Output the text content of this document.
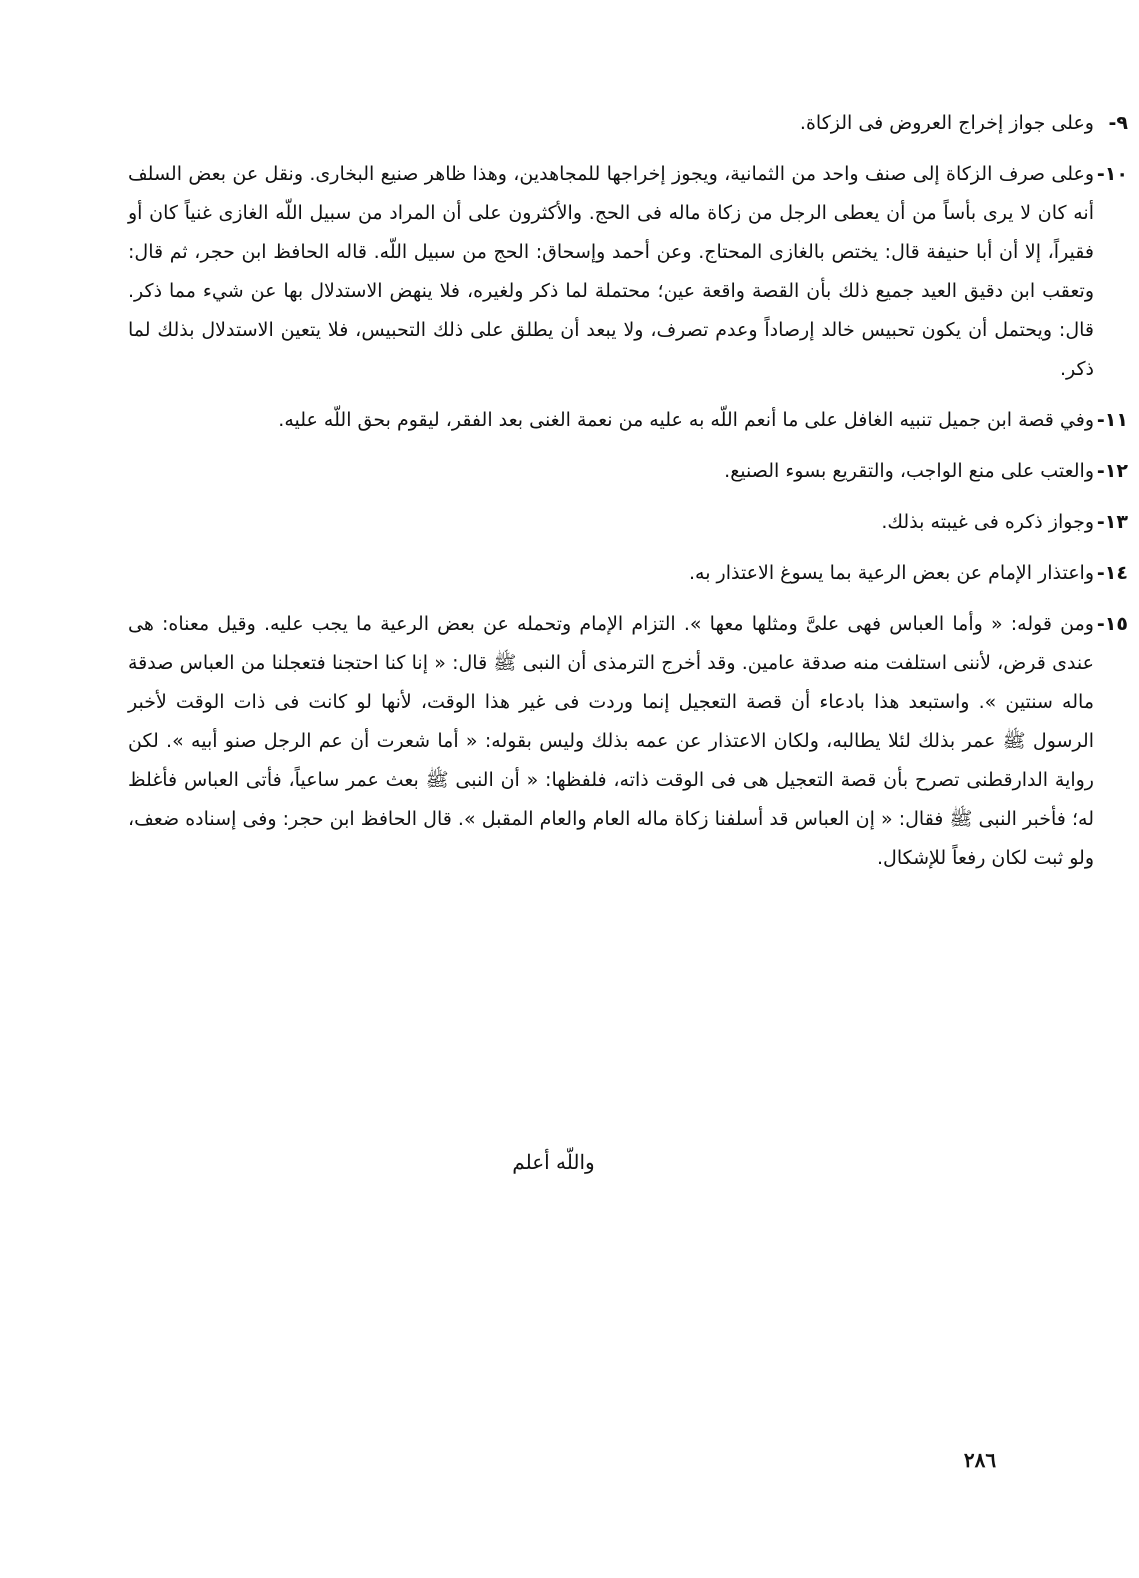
٩-
وعلى جواز إخراج العروض فى الزكاة.
١٠-
وعلى صرف الزكاة إلى صنف واحد من الثمانية، ويجوز إخراجها للمجاهدين، وهذا ظاهر صنيع البخارى. ونقل عن بعض السلف أنه كان لا يرى بأساً من أن يعطى الرجل من زكاة ماله فى الحج. والأكثرون على أن المراد من سبيل اللّه الغازى غنياً كان أو فقيراً، إلا أن أبا حنيفة قال: يختص بالغازى المحتاج. وعن أحمد وإسحاق: الحج من سبيل اللّه. قاله الحافظ ابن حجر، ثم قال: وتعقب ابن دقيق العيد جميع ذلك بأن القصة واقعة عين؛ محتملة لما ذكر ولغيره، فلا ينهض الاستدلال بها عن شيء مما ذكر. قال: ويحتمل أن يكون تحبيس خالد إرصاداً وعدم تصرف، ولا يبعد أن يطلق على ذلك التحبيس، فلا يتعين الاستدلال بذلك لما ذكر.
١١-
وفي قصة ابن جميل تنبيه الغافل على ما أنعم اللّه به عليه من نعمة الغنى بعد الفقر، ليقوم بحق اللّه عليه.
١٢-
والعتب على منع الواجب، والتقريع بسوء الصنيع.
١٣-
وجواز ذكره فى غيبته بذلك.
١٤-
واعتذار الإمام عن بعض الرعية بما يسوغ الاعتذار به.
١٥-
ومن قوله: « وأما العباس فهى علىَّ ومثلها معها ». التزام الإمام وتحمله عن بعض الرعية ما يجب عليه. وقيل معناه: هى عندى قرض، لأننى استلفت منه صدقة عامين. وقد أخرج الترمذى أن النبى ﷺ قال: « إنا كنا احتجنا فتعجلنا من العباس صدقة ماله سنتين ». واستبعد هذا بادعاء أن قصة التعجيل إنما وردت فى غير هذا الوقت، لأنها لو كانت فى ذات الوقت لأخبر الرسول ﷺ عمر بذلك لئلا يطالبه، ولكان الاعتذار عن عمه بذلك وليس بقوله: « أما شعرت أن عم الرجل صنو أبيه ». لكن رواية الدارقطنى تصرح بأن قصة التعجيل هى فى الوقت ذاته، فلفظها: « أن النبى ﷺ بعث عمر ساعياً، فأتى العباس فأغلظ له؛ فأخبر النبى ﷺ فقال: « إن العباس قد أسلفنا زكاة ماله العام والعام المقبل ». قال الحافظ ابن حجر: وفى إسناده ضعف، ولو ثبت لكان رفعاً للإشكال.
واللّه أعلم
٢٨٦
